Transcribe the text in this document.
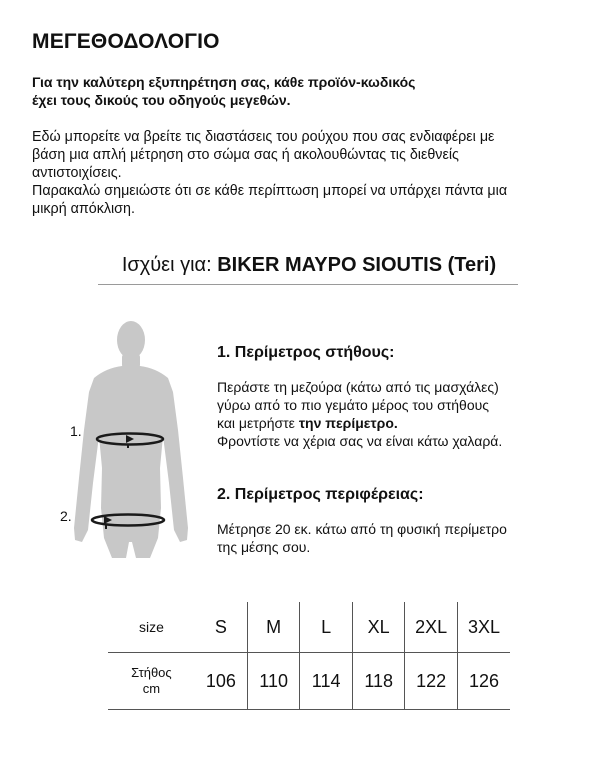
ΜΕΓΕΘΟΔΟΛΟΓΙΟ
Για την καλύτερη εξυπηρέτηση σας, κάθε προϊόν-κωδικός
έχει τους δικούς του οδηγούς μεγεθών.
Εδώ μπορείτε να βρείτε τις διαστάσεις του ρούχου που σας ενδιαφέρει με
βάση μια απλή μέτρηση στο σώμα σας ή ακολουθώντας τις διεθνείς
αντιστοιχίσεις.
Παρακαλώ σημειώστε ότι σε κάθε περίπτωση μπορεί να υπάρχει πάντα μια
μικρή απόκλιση.
Ισχύει για: BIKER ΜΑΥΡΟ SIOUTIS (Teri)
1.
2.
1. Περίμετρος στήθους:
Περάστε τη μεζούρα (κάτω από τις μασχάλες)
γύρω από το πιο γεμάτο μέρος του στήθους
και μετρήστε την περίμετρο.
Φροντίστε να χέρια σας να είναι κάτω χαλαρά.
2. Περίμετρος περιφέρειας:
Μέτρησε 20 εκ. κάτω από τη φυσική περίμετρο
της μέσης σου.
size	S	M	L	XL	2XL	3XL
Στήθος
cm	106	110	114	118	122	126
